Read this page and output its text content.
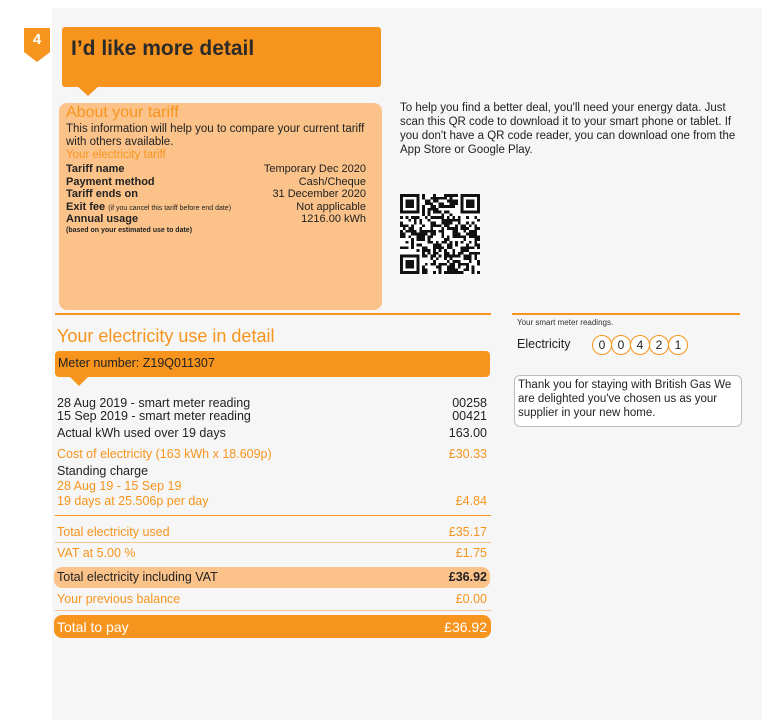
4	I’d like more detail
About your tariff
This information will help you to compare your current tariff with others available.
Your electricity tariff
Tariff name	Temporary Dec 2020
Payment method	Cash/Cheque
Tariff ends on	31 December 2020
Exit fee (if you cancel this tariff before end date)	Not applicable
Annual usage	1216.00 kWh
(based on your estimated use to date)
To help you find a better deal, you'll need your energy data. Just scan this QR code to download it to your smart phone or tablet. If you don't have a QR code reader, you can download one from the App Store or Google Play.
Your electricity use in detail
Meter number: Z19Q011307
28 Aug 2019 - smart meter reading	00258
15 Sep 2019 - smart meter reading	00421
Actual kWh used over 19 days	163.00
Cost of electricity (163 kWh x 18.609p)	£30.33
Standing charge
28 Aug 19 - 15 Sep 19
19 days at 25.506p per day	£4.84
Total electricity used	£35.17
VAT at 5.00 %	£1.75
Total electricity including VAT	£36.92
Your previous balance	£0.00
Total to pay	£36.92
Your smart meter readings.
Electricity	0	0	4	2	1
Thank you for staying with British Gas We are delighted you've chosen us as your supplier in your new home.
